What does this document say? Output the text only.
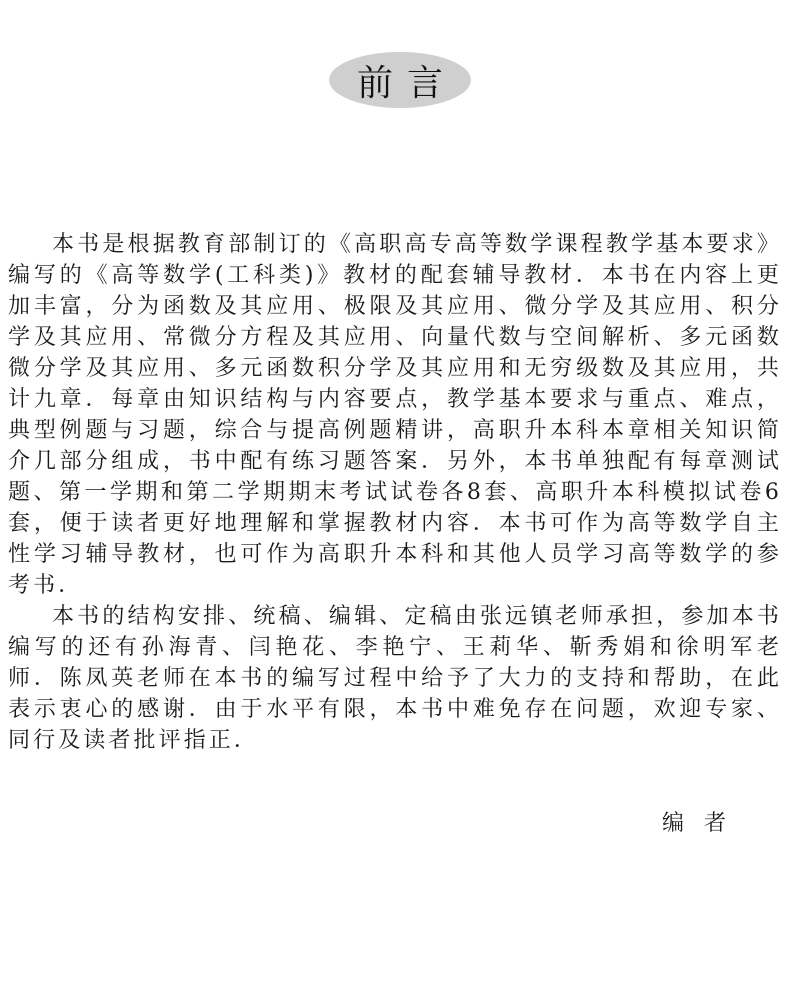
前言

本书是根据教育部制订的《高职高专高等数学课程教学基本要求》编写的《高等数学(工科类)》教材的配套辅导教材．本书在内容上更加丰富，分为函数及其应用、极限及其应用、微分学及其应用、积分学及其应用、常微分方程及其应用、向量代数与空间解析、多元函数微分学及其应用、多元函数积分学及其应用和无穷级数及其应用，共计九章．每章由知识结构与内容要点，教学基本要求与重点、难点，典型例题与习题，综合与提高例题精讲，高职升本科本章相关知识简介几部分组成，书中配有练习题答案．另外，本书单独配有每章测试题、第一学期和第二学期期末考试试卷各8套、高职升本科模拟试卷6套，便于读者更好地理解和掌握教材内容．本书可作为高等数学自主性学习辅导教材，也可作为高职升本科和其他人员学习高等数学的参考书．

本书的结构安排、统稿、编辑、定稿由张远镇老师承担，参加本书编写的还有孙海青、闫艳花、李艳宁、王莉华、靳秀娟和徐明军老师．陈凤英老师在本书的编写过程中给予了大力的支持和帮助，在此表示衷心的感谢．由于水平有限，本书中难免存在问题，欢迎专家、同行及读者批评指正．

编者
